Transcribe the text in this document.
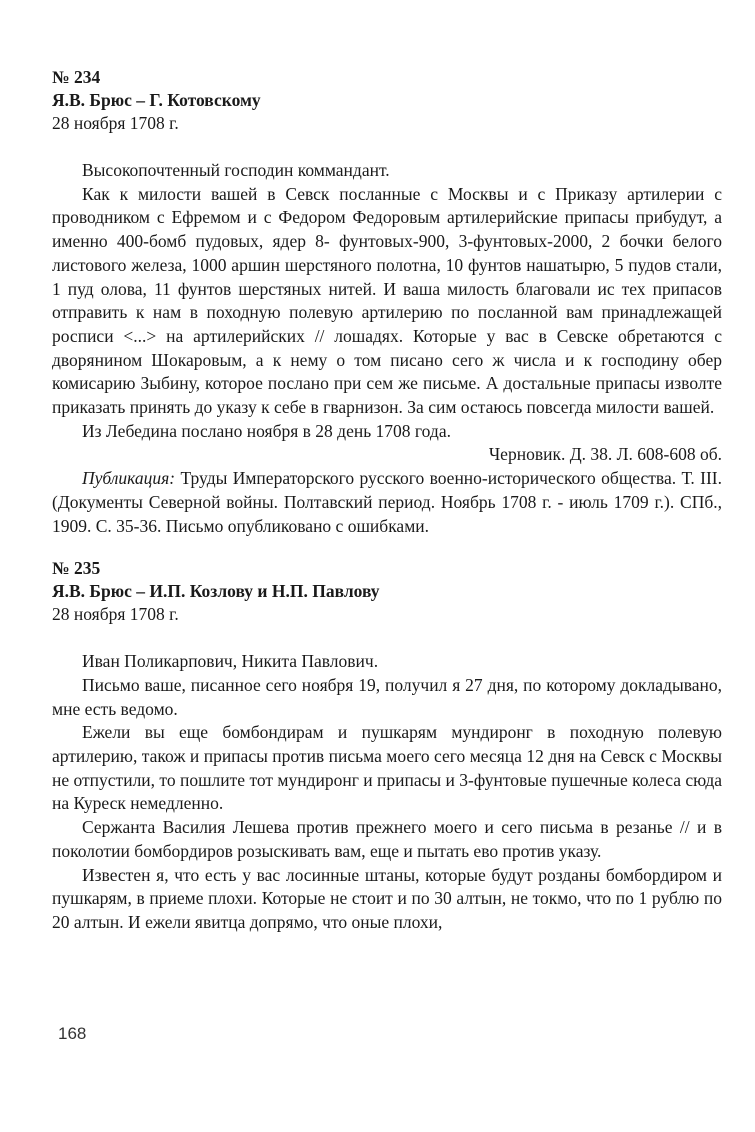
№ 234
Я.В. Брюс – Г. Котовскому
28 ноября 1708 г.

Высокопочтенный господин коммандант.

Как к милости вашей в Севск посланные с Москвы и с Приказу артилерии с проводником с Ефремом и с Федором Федоровым артилерийские припасы прибудут, а именно 400-бомб пудовых, ядер 8- фунтовых-900, 3-фунтовых-2000, 2 бочки белого листового железа, 1000 аршин шерстяного полотна, 10 фунтов нашатырю, 5 пудов стали, 1 пуд олова, 11 фунтов шерстяных нитей. И ваша милость благовали ис тех припасов отправить к нам в походную полевую артилерию по посланной вам принадлежащей росписи <...> на артилерийских // лошадях. Которые у вас в Севске обретаются с дворянином Шокаровым, а к нему о том писано сего ж числа и к господину обер комисарию Зыбину, которое послано при сем же письме. А достальные припасы изволте приказать принять до указу к себе в гварнизон. За сим остаюсь повсегда милости вашей.

Из Лебедина послано ноября в 28 день 1708 года.

Черновик. Д. 38. Л. 608-608 об.

Публикация: Труды Императорского русского военно-исторического общества. Т. III. (Документы Северной войны. Полтавский период. Ноябрь 1708 г. - июль 1709 г.). СПб., 1909. С. 35-36. Письмо опубликовано с ошибками.

№ 235
Я.В. Брюс – И.П. Козлову и Н.П. Павлову
28 ноября 1708 г.

Иван Поликарпович, Никита Павлович.

Письмо ваше, писанное сего ноября 19, получил я 27 дня, по которому докладывано, мне есть ведомо.

Ежели вы еще бомбондирам и пушкарям мундиронг в походную полевую артилерию, також и припасы против письма моего сего месяца 12 дня на Севск с Москвы не отпустили, то пошлите тот мундиронг и припасы и 3-фунтовые пушечные колеса сюда на Куреск немедленно.

Сержанта Василия Лешева против прежнего моего и сего письма в резанье // и в поколотии бомбордиров розыскивать вам, еще и пытать ево против указу.

Известен я, что есть у вас лосинные штаны, которые будут розданы бомбордиром и пушкарям, в приеме плохи. Которые не стоит и по 30 алтын, не токмо, что по 1 рублю по 20 алтын. И ежели явитца допрямо, что оные плохи,

168
